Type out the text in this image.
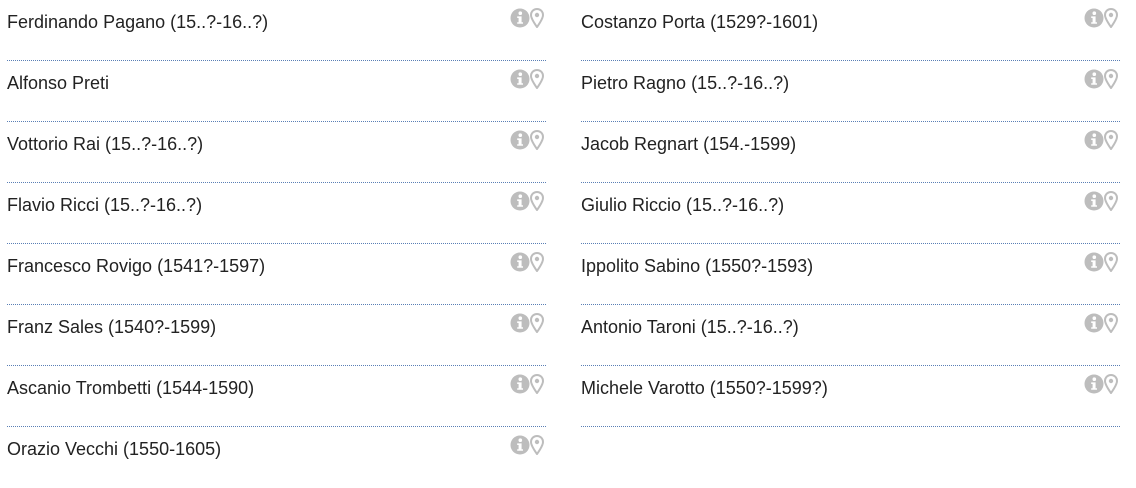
Ferdinando Pagano (15..?-16..?)
Alfonso Preti
Vottorio Rai (15..?-16..?)
Flavio Ricci (15..?-16..?)
Francesco Rovigo (1541?-1597)
Franz Sales (1540?-1599)
Ascanio Trombetti (1544-1590)
Orazio Vecchi (1550-1605)
Costanzo Porta (1529?-1601)
Pietro Ragno (15..?-16..?)
Jacob Regnart (154.-1599)
Giulio Riccio (15..?-16..?)
Ippolito Sabino (1550?-1593)
Antonio Taroni (15..?-16..?)
Michele Varotto (1550?-1599?)
